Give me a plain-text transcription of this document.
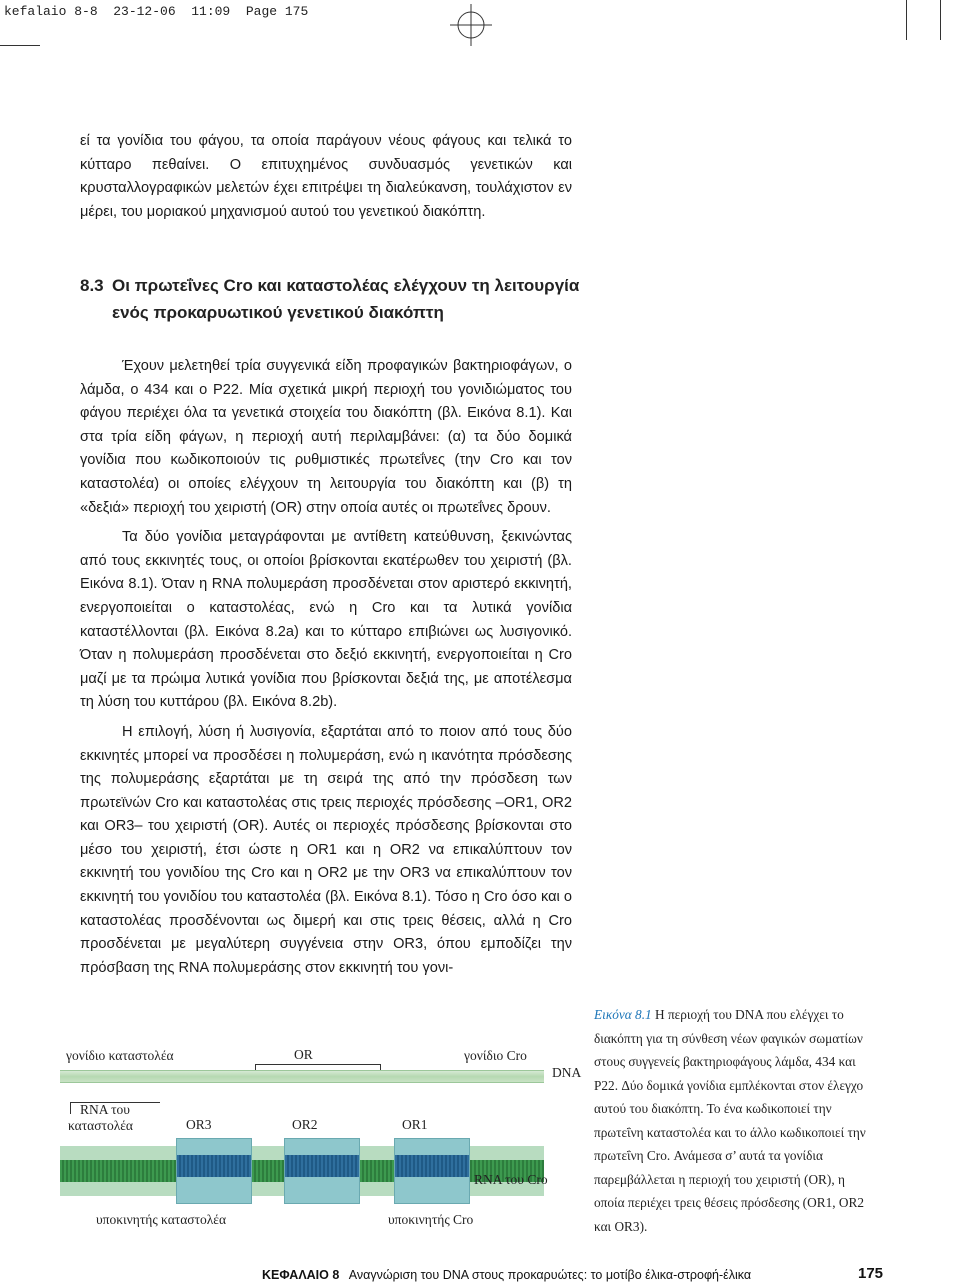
kefalaio 8-8  23-12-06  11:09  Page 175

εί τα γονίδια του φάγου, τα οποία παράγουν νέους φάγους και τελικά το κύτταρο πεθαίνει. Ο επιτυχημένος συνδυασμός γενετικών και κρυσταλλογραφικών μελετών έχει επιτρέψει τη διαλεύκανση, τουλάχιστον εν μέρει, του μοριακού μηχανισμού αυτού του γενετικού διακόπτη.

8.3 Οι πρωτεΐνες Cro και καταστολέας ελέγχουν τη λειτουργία ενός προκαρυωτικού γενετικού διακόπτη

Έχουν μελετηθεί τρία συγγενικά είδη προφαγικών βακτηριοφάγων, ο λάμδα, ο 434 και ο P22. Μία σχετικά μικρή περιοχή του γονιδιώματος του φάγου περιέχει όλα τα γενετικά στοιχεία του διακόπτη (βλ. Εικόνα 8.1). Και στα τρία είδη φάγων, η περιοχή αυτή περιλαμβάνει: (α) τα δύο δομικά γονίδια που κωδικοποιούν τις ρυθμιστικές πρωτεΐνες (την Cro και τον καταστολέα) οι οποίες ελέγχουν τη λειτουργία του διακόπτη και (β) τη «δεξιά» περιοχή του χειριστή (OR) στην οποία αυτές οι πρωτεΐνες δρουν.

Τα δύο γονίδια μεταγράφονται με αντίθετη κατεύθυνση, ξεκινώντας από τους εκκινητές τους, οι οποίοι βρίσκονται εκατέρωθεν του χειριστή (βλ. Εικόνα 8.1). Όταν η RNA πολυμεράση προσδένεται στον αριστερό εκκινητή, ενεργοποιείται ο καταστολέας, ενώ η Cro και τα λυτικά γονίδια καταστέλλονται (βλ. Εικόνα 8.2a) και το κύτταρο επιβιώνει ως λυσιγονικό. Όταν η πολυμεράση προσδένεται στο δεξιό εκκινητή, ενεργοποιείται η Cro μαζί με τα πρώιμα λυτικά γονίδια που βρίσκονται δεξιά της, με αποτέλεσμα τη λύση του κυττάρου (βλ. Εικόνα 8.2b).

Η επιλογή, λύση ή λυσιγονία, εξαρτάται από το ποιον από τους δύο εκκινητές μπορεί να προσδέσει η πολυμεράση, ενώ η ικανότητα πρόσδεσης της πολυμεράσης εξαρτάται με τη σειρά της από την πρόσδεση των πρωτεϊνών Cro και καταστολέας στις τρεις περιοχές πρόσδεσης –OR1, OR2 και OR3– του χειριστή (OR). Αυτές οι περιοχές πρόσδεσης βρίσκονται στο μέσο του χειριστή, έτσι ώστε η OR1 και η OR2 να επικαλύπτουν τον εκκινητή του γονιδίου της Cro και η OR2 με την OR3 να επικαλύπτουν τον εκκινητή του γονιδίου του καταστολέα (βλ. Εικόνα 8.1). Τόσο η Cro όσο και ο καταστολέας προσδένονται ως διμερή και στις τρεις θέσεις, αλλά η Cro προσδένεται με μεγαλύτερη συγγένεια στην OR3, όπου εμποδίζει την πρόσβαση της RNA πολυμεράσης στον εκκινητή του γονι-

γονίδιο καταστολέα	OR	γονίδιο Cro
DNA
RNA του
καταστολέα	OR3	OR2	OR1
RNA του Cro
υποκινητής καταστολέα	υποκινητής Cro
Εικόνα 8.1 Η περιοχή του DNA που ελέγχει το διακόπτη για τη σύνθεση νέων φαγικών σωματίων στους συγγενείς βακτηριοφάγους λάμδα, 434 και P22. Δύο δομικά γονίδια εμπλέκονται στον έλεγχο αυτού του διακόπτη. Το ένα κωδικοποιεί την πρωτεΐνη καταστολέα και το άλλο κωδικοποιεί την πρωτεΐνη Cro. Ανάμεσα σ’ αυτά τα γονίδια παρεμβάλλεται η περιοχή του χειριστή (OR), η οποία περιέχει τρεις θέσεις πρόσδεσης (OR1, OR2 και OR3).
ΚΕΦΑΛΑΙΟ 8 Αναγνώριση του DNA στους προκαρυώτες: το μοτίβο έλικα-στροφή-έλικα	175
